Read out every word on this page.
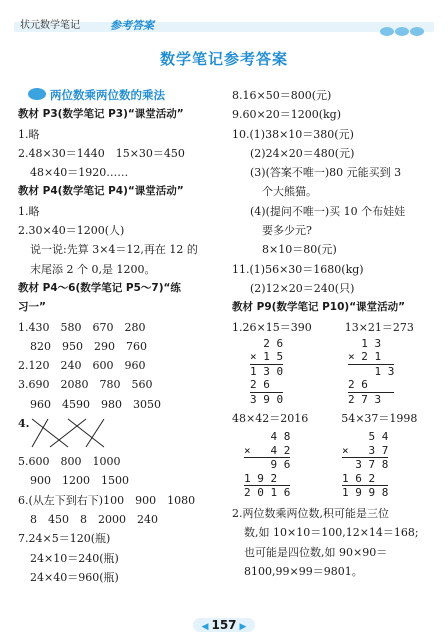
状元数学笔记	参考答案
数学笔记参考答案
两位数乘两位数的乘法
教材 P3(数学笔记 P3)“课堂活动”
1.略
2.48×30＝1440　15×30＝450
48×40＝1920……
教材 P4(数学笔记 P4)“课堂活动”
1.略
2.30×40＝1200(人)
说一说:先算 3×4＝12,再在 12 的
末尾添 2 个 0,是 1200。
教材 P4～6(数学笔记 P5～7)“练
习一”
1.430　580　670　280
820　950　290　760
2.120　240　600　960
3.690　2080　780　560
960　4590　980　3050
4.
5.600　800　1000
900　1200　1500
6.(从左下到右下)100　900　1080
8　450　8　2000　240
7.24×5＝120(瓶)
24×10＝240(瓶)
24×40＝960(瓶)
8.16×50＝800(元)
9.60×20＝1200(kg)
10.(1)38×10＝380(元)
(2)24×20＝480(元)
(3)(答案不唯一)80 元能买到 3
个大熊猫。
(4)(提问不唯一)买 10 个布娃娃
要多少元?
8×10＝80(元)
11.(1)56×30＝1680(kg)
(2)12×20＝240(只)
教材 P9(数学笔记 P10)“课堂活动”
1.26×15＝390　　　13×21＝273
2 6
× 1 5
1 3 0
2 6
3 9 0
1 3
× 2 1
1 3
2 6
2 7 3
48×42＝2016　　　54×37＝1998
4 8
×   4 2
9 6
1 9 2
2 0 1 6
5 4
×   3 7
3 7 8
1 6 2
1 9 9 8
2.两位数乘两位数,积可能是三位
数,如 10×10＝100,12×14＝168;
也可能是四位数,如 90×90＝
8100,99×99＝9801。
◀ 157 ▶
